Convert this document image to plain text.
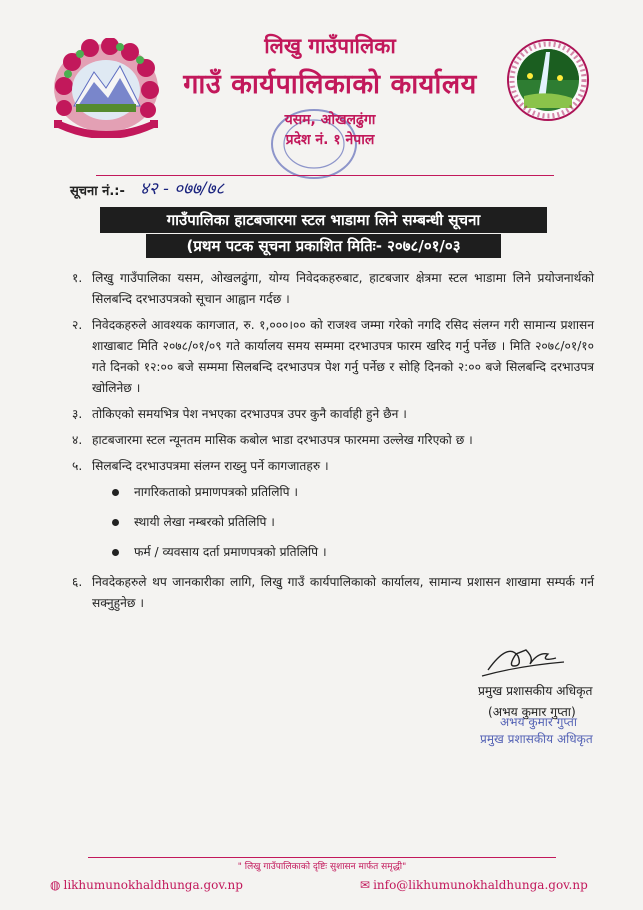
लिखु गाउँपालिका
गाउँ कार्यपालिकाको कार्यालय
यसम, ओखलढुंगा
प्रदेश नं. १ नेपाल
सूचना नं.:- ४२ - ०७७/७८
गाउँपालिका हाटबजारमा स्टल भाडामा लिने सम्बन्धी सूचना
(प्रथम पटक सूचना प्रकाशित मितिः- २०७८/०१/०३
१. लिखु गाउँपालिका यसम, ओखलढुंगा, योग्य निवेदकहरुबाट, हाटबजार क्षेत्रमा स्टल भाडामा लिने प्रयोजनार्थको सिलबन्दि दरभाउपत्रको सूचान आह्वान गर्दछ ।

२. निवेदकहरुले आवश्यक कागजात, रु. १,०००।०० को राजश्व जम्मा गरेको नगदि रसिद संलग्न गरी सामान्य प्रशासन शाखाबाट मिति २०७८/०१/०९ गते कार्यालय समय सम्ममा दरभाउपत्र फारम खरिद गर्नु पर्नेछ । मिति २०७८/०१/१० गते दिनको १२:०० बजे सम्ममा सिलबन्दि दरभाउपत्र पेश गर्नु पर्नेछ र सोहि दिनको २:०० बजे सिलबन्दि दरभाउपत्र खोलिनेछ ।

३. तोकिएको समयभित्र पेश नभएका दरभाउपत्र उपर कुनै कार्वाही हुने छैन ।

४. हाटबजारमा स्टल न्यूनतम मासिक कबोल भाडा दरभाउपत्र फारममा उल्लेख गरिएको छ ।

५. सिलबन्दि दरभाउपत्रमा संलग्न राख्नु पर्ने कागजातहरु ।

नागरिकताको प्रमाणपत्रको प्रतिलिपि ।
स्थायी लेखा नम्बरको प्रतिलिपि ।
फर्म / व्यवसाय दर्ता प्रमाणपत्रको प्रतिलिपि ।
६. निवदेकहरुले थप जानकारीका लागि, लिखु गाउँ कार्यपालिकाको कार्यालय, सामान्य प्रशासन शाखामा सम्पर्क गर्न सक्नुहुनेछ ।

प्रमुख प्रशासकीय अधिकृत
(अभय कुमार गुप्ता)
अभय कुमार गुप्ता
प्रमुख प्रशासकीय अधिकृत
" लिखु गाउँपालिकाको दृष्टिः सुशासन मार्फत समृद्धी"
◍ likhumunokhaldhunga.gov.np	✉ info@likhumunokhaldhunga.gov.np
